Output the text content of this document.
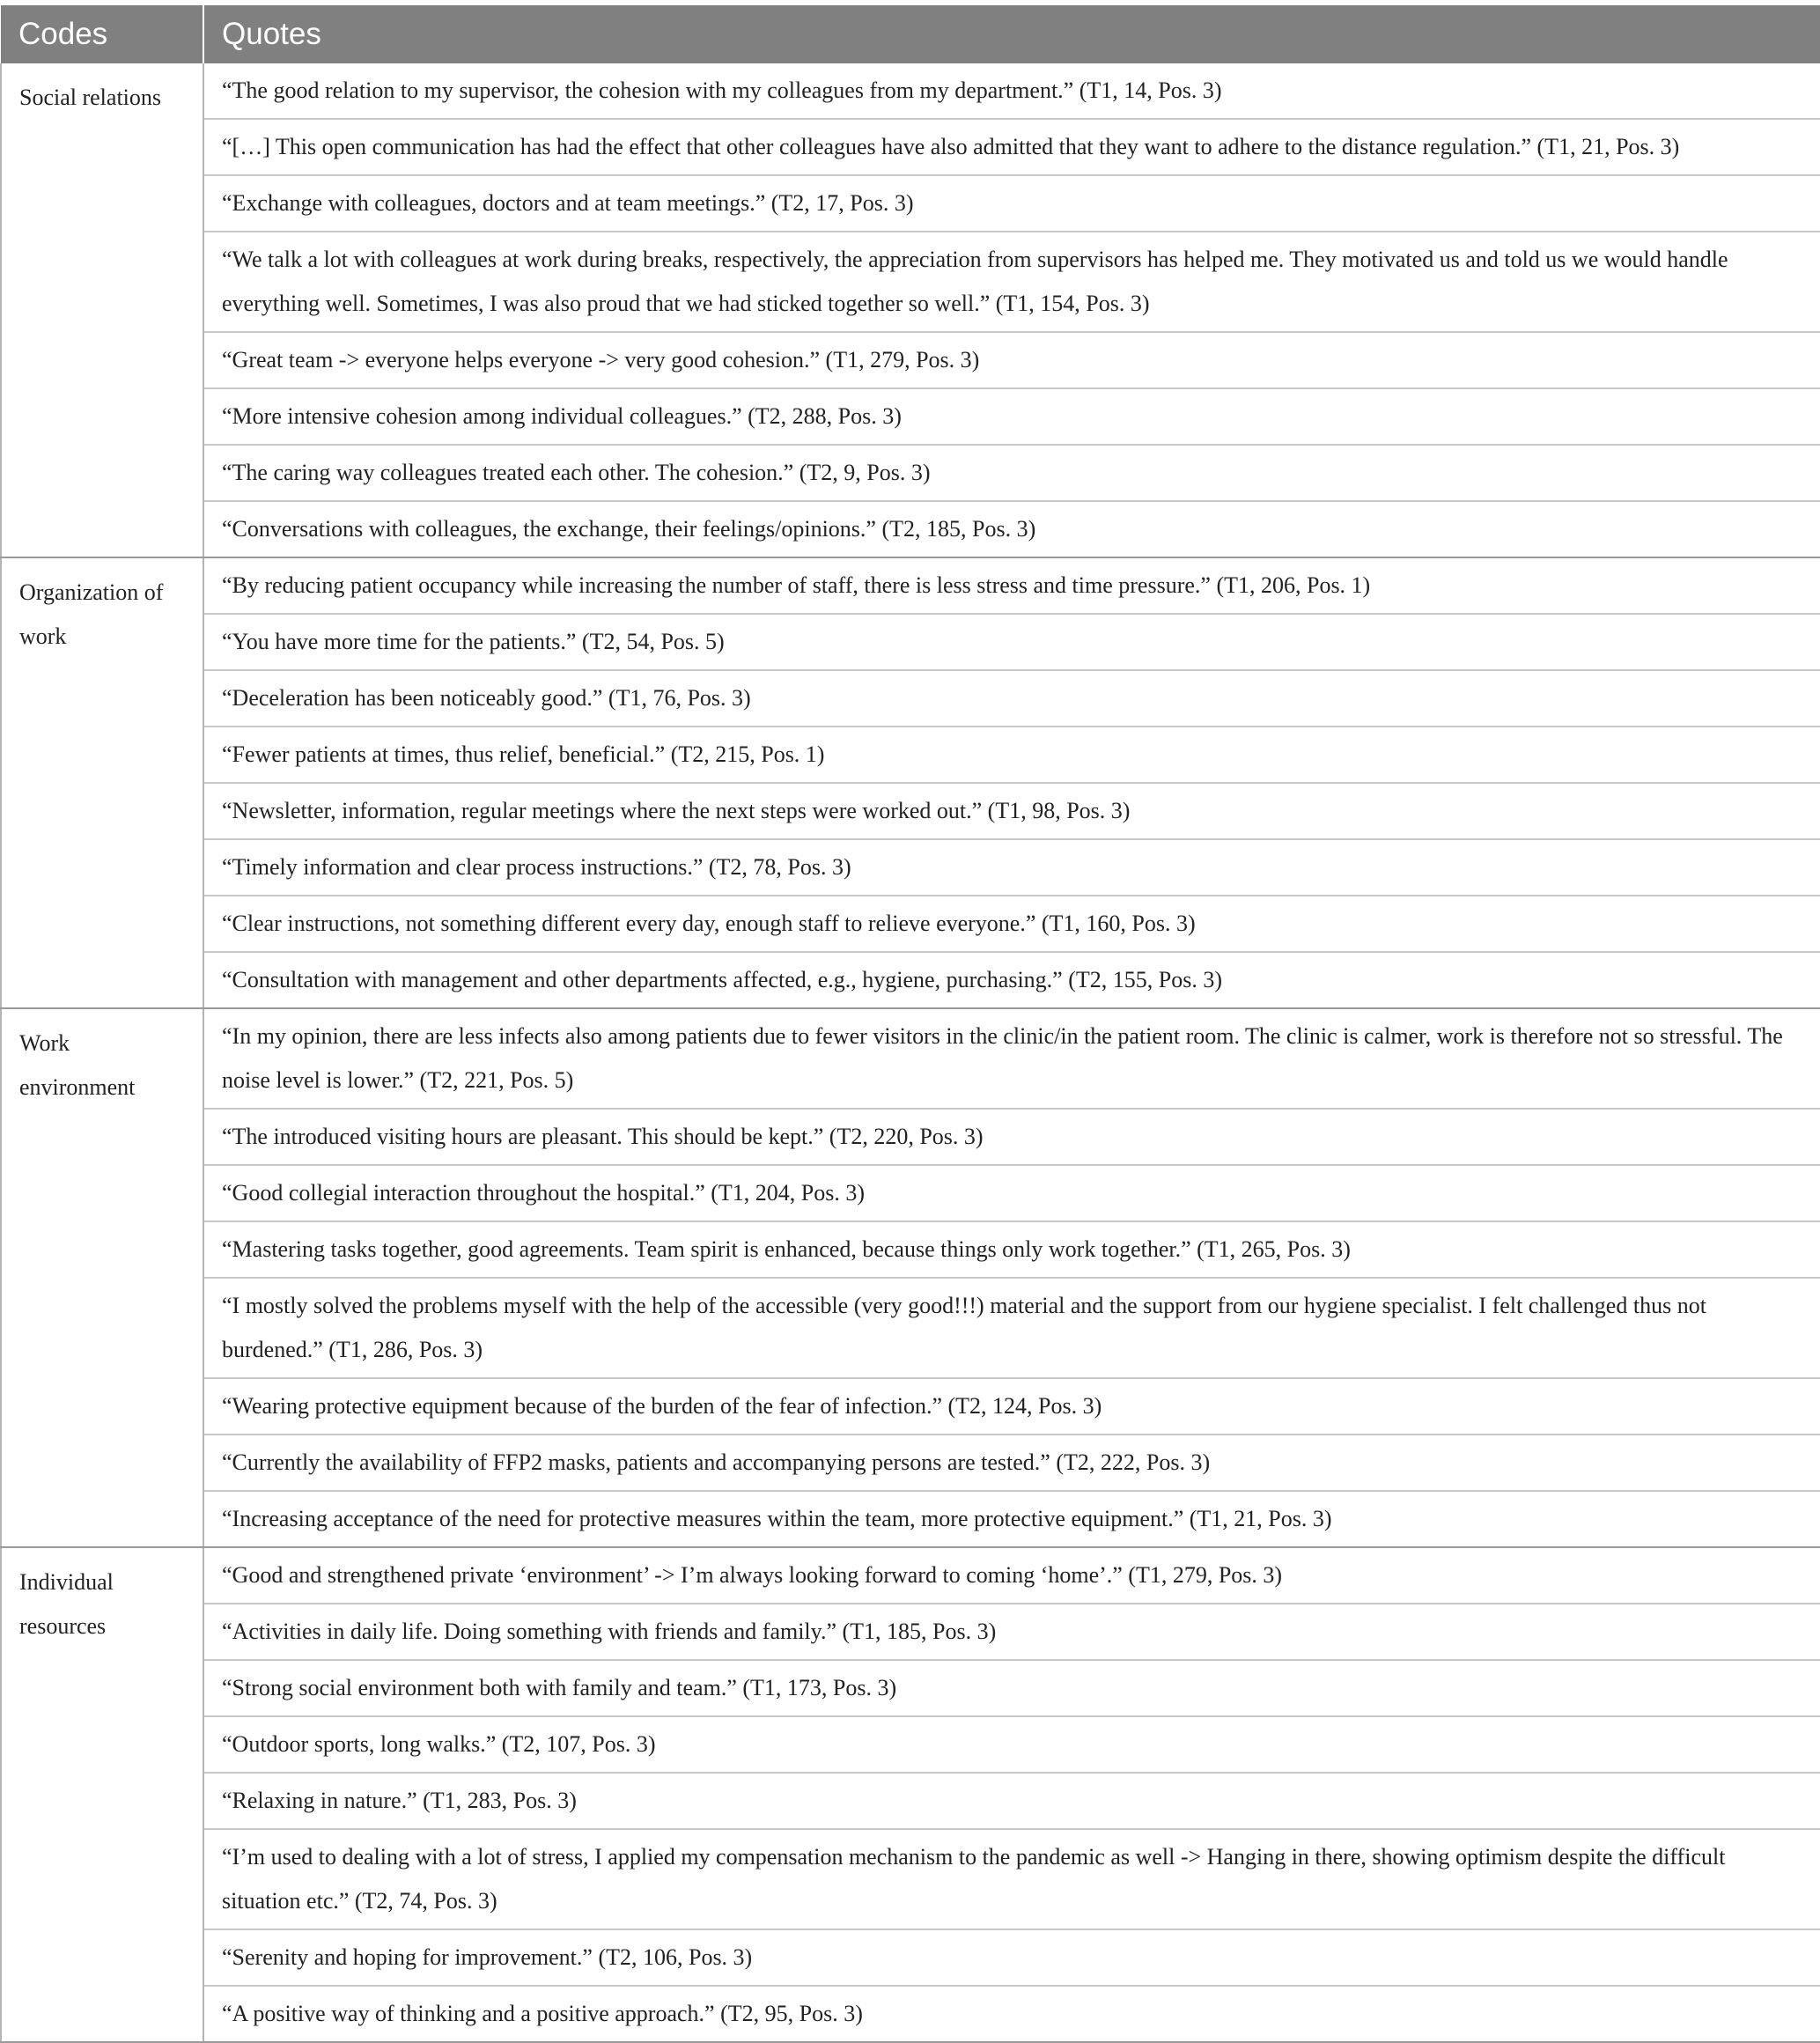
Codes	Quotes
Social relations	“The good relation to my supervisor, the cohesion with my colleagues from my department.” (T1, 14, Pos. 3)
	“[…] This open communication has had the effect that other colleagues have also admitted that they want to adhere to the distance regulation.” (T1, 21, Pos. 3)
	“Exchange with colleagues, doctors and at team meetings.” (T2, 17, Pos. 3)
	“We talk a lot with colleagues at work during breaks, respectively, the appreciation from supervisors has helped me. They motivated us and told us we would handle everything well. Sometimes, I was also proud that we had sticked together so well.” (T1, 154, Pos. 3)
	“Great team -> everyone helps everyone -> very good cohesion.” (T1, 279, Pos. 3)
	“More intensive cohesion among individual colleagues.” (T2, 288, Pos. 3)
	“The caring way colleagues treated each other. The cohesion.” (T2, 9, Pos. 3)
	“Conversations with colleagues, the exchange, their feelings/opinions.” (T2, 185, Pos. 3)
Organization of work	“By reducing patient occupancy while increasing the number of staff, there is less stress and time pressure.” (T1, 206, Pos. 1)
	“You have more time for the patients.” (T2, 54, Pos. 5)
	“Deceleration has been noticeably good.” (T1, 76, Pos. 3)
	“Fewer patients at times, thus relief, beneficial.” (T2, 215, Pos. 1)
	“Newsletter, information, regular meetings where the next steps were worked out.” (T1, 98, Pos. 3)
	“Timely information and clear process instructions.” (T2, 78, Pos. 3)
	“Clear instructions, not something different every day, enough staff to relieve everyone.” (T1, 160, Pos. 3)
	“Consultation with management and other departments affected, e.g., hygiene, purchasing.” (T2, 155, Pos. 3)
Work environment	“In my opinion, there are less infects also among patients due to fewer visitors in the clinic/in the patient room. The clinic is calmer, work is therefore not so stressful. The noise level is lower.” (T2, 221, Pos. 5)
	“The introduced visiting hours are pleasant. This should be kept.” (T2, 220, Pos. 3)
	“Good collegial interaction throughout the hospital.” (T1, 204, Pos. 3)
	“Mastering tasks together, good agreements. Team spirit is enhanced, because things only work together.” (T1, 265, Pos. 3)
	“I mostly solved the problems myself with the help of the accessible (very good!!!) material and the support from our hygiene specialist. I felt challenged thus not burdened.” (T1, 286, Pos. 3)
	“Wearing protective equipment because of the burden of the fear of infection.” (T2, 124, Pos. 3)
	“Currently the availability of FFP2 masks, patients and accompanying persons are tested.” (T2, 222, Pos. 3)
	“Increasing acceptance of the need for protective measures within the team, more protective equipment.” (T1, 21, Pos. 3)
Individual resources	“Good and strengthened private ‘environment’ -> I’m always looking forward to coming ‘home’.” (T1, 279, Pos. 3)
	“Activities in daily life. Doing something with friends and family.” (T1, 185, Pos. 3)
	“Strong social environment both with family and team.” (T1, 173, Pos. 3)
	“Outdoor sports, long walks.” (T2, 107, Pos. 3)
	“Relaxing in nature.” (T1, 283, Pos. 3)
	“I’m used to dealing with a lot of stress, I applied my compensation mechanism to the pandemic as well -> Hanging in there, showing optimism despite the difficult situation etc.” (T2, 74, Pos. 3)
	“Serenity and hoping for improvement.” (T2, 106, Pos. 3)
	“A positive way of thinking and a positive approach.” (T2, 95, Pos. 3)
